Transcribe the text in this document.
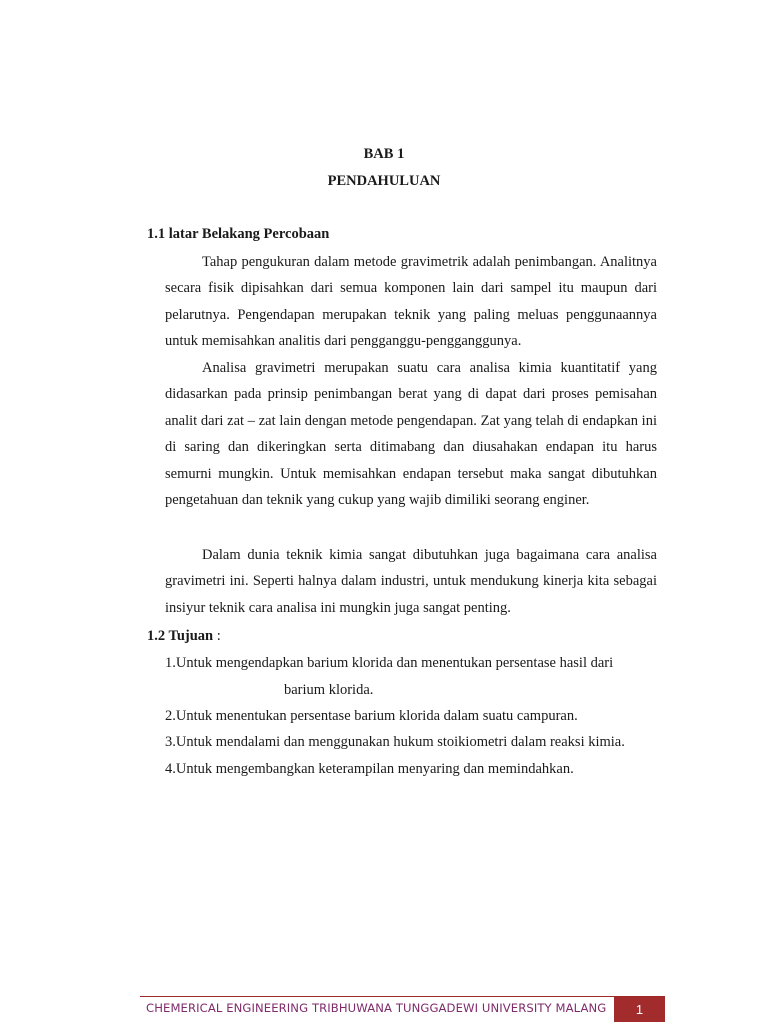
BAB 1
PENDAHULUAN
1.1 latar Belakang Percobaan

Tahap pengukuran dalam metode gravimetrik adalah penimbangan. Analitnya secara fisik dipisahkan dari semua komponen lain dari sampel itu maupun dari pelarutnya. Pengendapan merupakan teknik yang paling meluas penggunaannya untuk memisahkan analitis dari pengganggu-pengganggunya.

Analisa gravimetri merupakan suatu cara analisa kimia kuantitatif yang didasarkan pada prinsip penimbangan berat yang di dapat dari proses pemisahan analit dari zat – zat lain dengan metode pengendapan. Zat yang telah di endapkan ini di saring dan dikeringkan serta ditimabang dan diusahakan endapan itu harus semurni mungkin. Untuk memisahkan endapan tersebut maka sangat dibutuhkan pengetahuan dan teknik yang cukup yang wajib dimiliki seorang enginer.

Dalam dunia teknik kimia sangat dibutuhkan juga bagaimana cara analisa gravimetri ini. Seperti halnya dalam industri, untuk mendukung kinerja kita sebagai insiyur teknik cara analisa ini mungkin juga sangat penting.

1.2 Tujuan :

1.Untuk mengendapkan barium klorida dan menentukan persentase hasil dari

barium klorida.

2.Untuk menentukan persentase barium klorida dalam suatu campuran.

3.Untuk mendalami dan menggunakan hukum stoikiometri dalam reaksi kimia.

4.Untuk mengembangkan keterampilan menyaring dan memindahkan.

CHEMERICAL ENGINEERING TRIBHUWANA TUNGGADEWI UNIVERSITY MALANG	1
